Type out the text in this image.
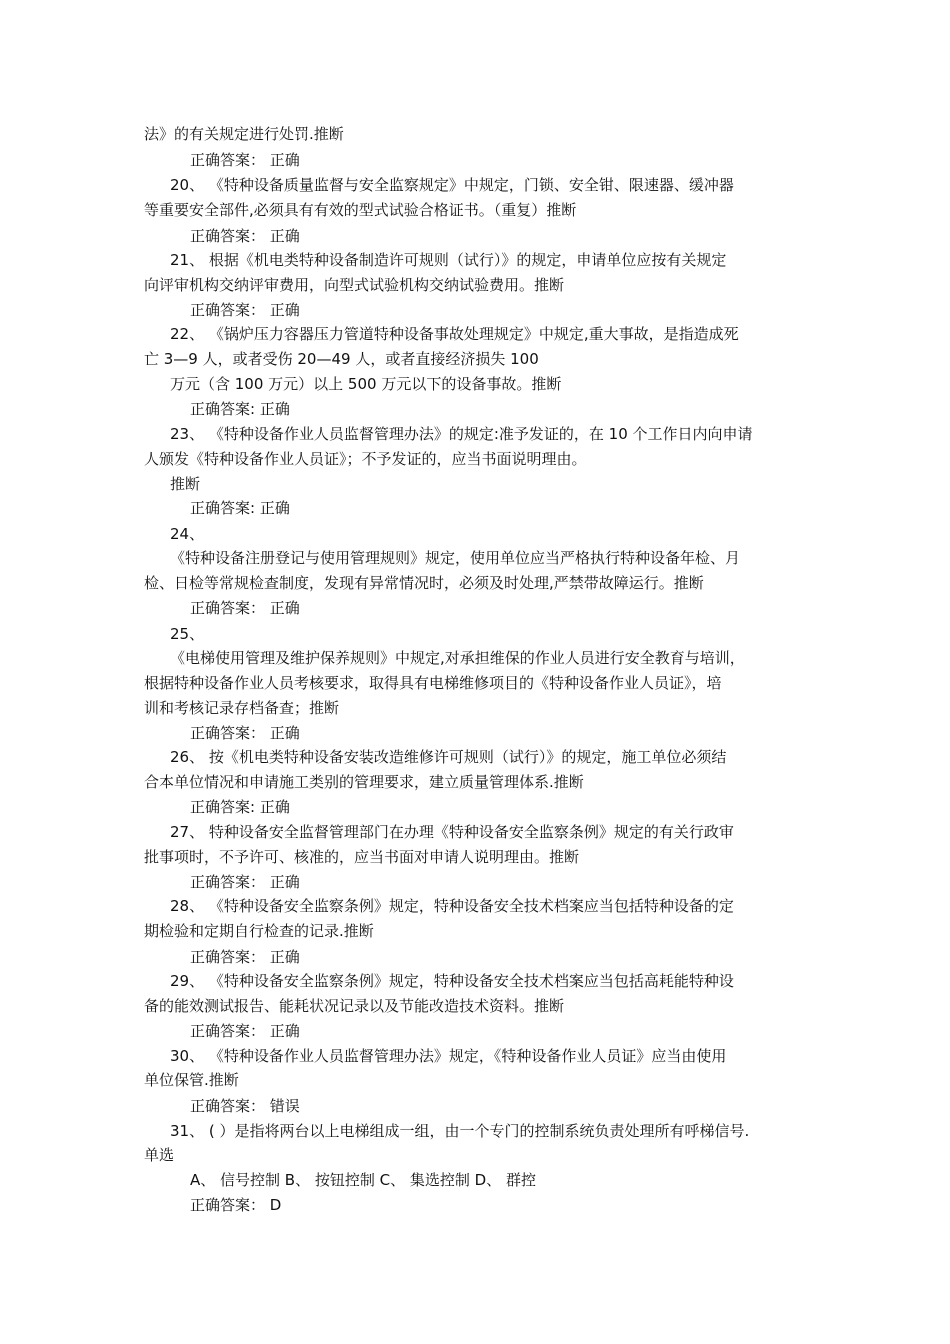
法》的有关规定进行处罚.推断
正确答案： 正确
20、 《特种设备质量监督与安全监察规定》中规定，门锁、安全钳、限速器、缓冲器
等重要安全部件,必须具有有效的型式试验合格证书。（重复）推断
正确答案： 正确
21、 根据《机电类特种设备制造许可规则（试行）》的规定，申请单位应按有关规定
向评审机构交纳评审费用，向型式试验机构交纳试验费用。推断
正确答案： 正确
22、 《锅炉压力容器压力管道特种设备事故处理规定》中规定,重大事故，是指造成死
亡 3—9 人，或者受伤 20—49 人，或者直接经济损失 100
万元（含 100 万元）以上 500 万元以下的设备事故。推断
正确答案: 正确
23、 《特种设备作业人员监督管理办法》的规定:准予发证的，在 10 个工作日内向申请
人颁发《特种设备作业人员证》；不予发证的，应当书面说明理由。
推断
正确答案: 正确
24、
《特种设备注册登记与使用管理规则》规定，使用单位应当严格执行特种设备年检、月
检、日检等常规检查制度，发现有异常情况时，必须及时处理,严禁带故障运行。推断
正确答案： 正确
25、
《电梯使用管理及维护保养规则》中规定,对承担维保的作业人员进行安全教育与培训，
根据特种设备作业人员考核要求，取得具有电梯维修项目的《特种设备作业人员证》，培
训和考核记录存档备查；推断
正确答案： 正确
26、 按《机电类特种设备安装改造维修许可规则（试行）》的规定，施工单位必须结
合本单位情况和申请施工类别的管理要求，建立质量管理体系.推断
正确答案: 正确
27、 特种设备安全监督管理部门在办理《特种设备安全监察条例》规定的有关行政审
批事项时，不予许可、核准的，应当书面对申请人说明理由。推断
正确答案： 正确
28、 《特种设备安全监察条例》规定，特种设备安全技术档案应当包括特种设备的定
期检验和定期自行检查的记录.推断
正确答案： 正确
29、 《特种设备安全监察条例》规定，特种设备安全技术档案应当包括高耗能特种设
备的能效测试报告、能耗状况记录以及节能改造技术资料。推断
正确答案： 正确
30、 《特种设备作业人员监督管理办法》规定，《特种设备作业人员证》应当由使用
单位保管.推断
正确答案： 错误
31、 ( ）是指将两台以上电梯组成一组，由一个专门的控制系统负责处理所有呼梯信号.
单选
A、 信号控制 B、 按钮控制 C、 集选控制 D、 群控
正确答案： D
